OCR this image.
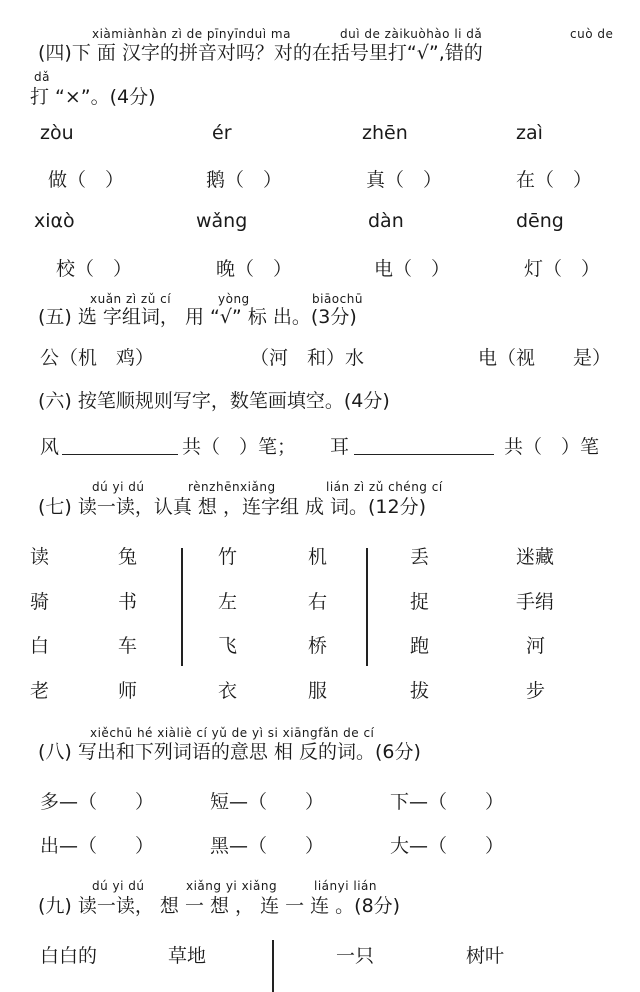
xiàmiànhàn zì de pīnyīnduì ma	duì de zàikuòhào li dǎ	cuò de
(四)下 面 汉字的拼音对吗？对的在括号里打“√”,错的
dǎ
打 “×”。(4分)
zòu	ér	zhēn	zaì
做（　）	鹅（　）	真（　）	在（　）
xiαò	wǎng	dàn	dēng
校（　）	晚（　）	电（　）	灯（　）
xuǎn zì zǔ cí	yòng	biāochū
(五) 选 字组词， 用 “√” 标 出。(3分)
公（机　鸡）	（河　和）水	电（视　　是）
(六) 按笔顺规则写字，数笔画填空。(4分)
风	共（　）笔； 耳	共（　）笔
dú yi dú	rènzhēnxiǎng	lián zì zǔ chéng cí
(七) 读一读，认真 想 ，连字组 成 词。(12分)
读	兔	竹	机	丢	迷藏
骑	书	左	右	捉	手绢
白	车	飞	桥	跑	河
老	师	衣	服	拔	步
xiěchū hé xiàliè cí yǔ de yì si xiāngfǎn de cí
(八) 写出和下列词语的意思 相 反的词。(6分)
多—（　　）	短—（　　）	下—（　　）
出—（　　）	黑—（　　）	大—（　　）
dú yi dú	xiǎng yi xiǎng	liányi lián
(九) 读一读， 想 一 想 ， 连 一 连 。(8分)
白白的	草地	一只	树叶
